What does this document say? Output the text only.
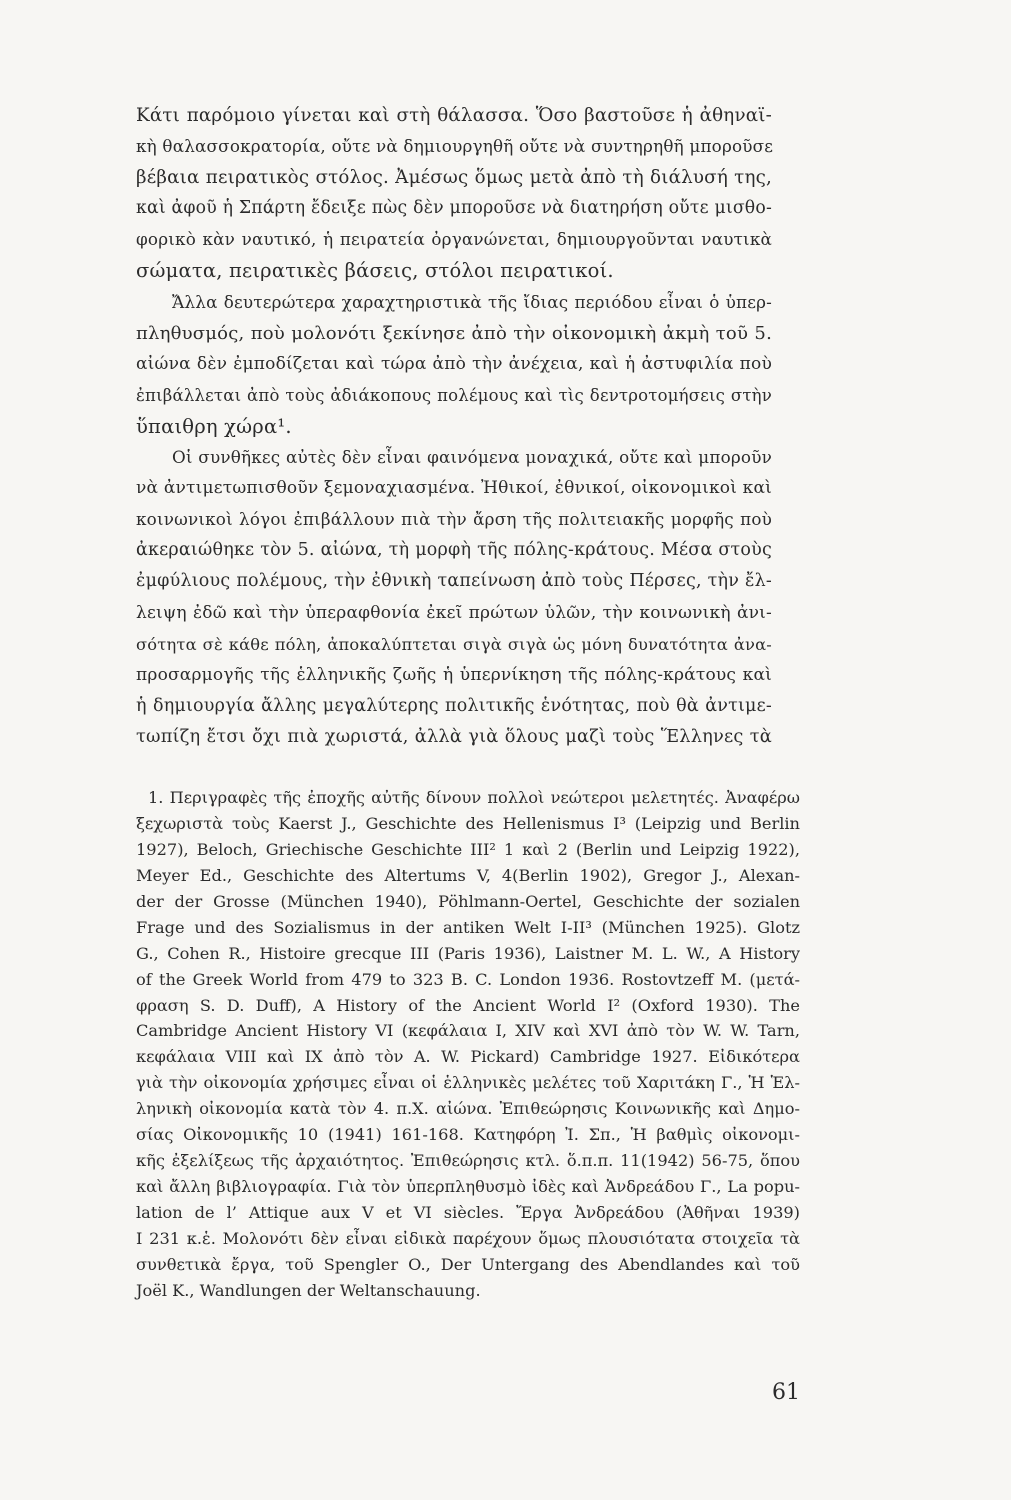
Κάτι παρόμοιο γίνεται καὶ στὴ θάλασσα. Ὅσο βαστοῦσε ἡ ἀθηναϊ-
κὴ θαλασσοκρατορία, οὔτε νὰ δημιουργηθῆ οὔτε νὰ συντηρηθῆ μποροῦσε
βέβαια πειρατικὸς στόλος. Ἀμέσως ὅμως μετὰ ἀπὸ τὴ διάλυσή της,
καὶ ἀφοῦ ἡ Σπάρτη ἔδειξε πὼς δὲν μποροῦσε νὰ διατηρήση οὔτε μισθο-
φορικὸ κὰν ναυτικό, ἡ πειρατεία ὀργανώνεται, δημιουργοῦνται ναυτικὰ
σώματα, πειρατικὲς βάσεις, στόλοι πειρατικοί.
Ἄλλα δευτερώτερα χαραχτηριστικὰ τῆς ἴδιας περιόδου εἶναι ὁ ὑπερ-
πληθυσμός, ποὺ μολονότι ξεκίνησε ἀπὸ τὴν οἰκονομικὴ ἀκμὴ τοῦ 5.
αἰώνα δὲν ἐμποδίζεται καὶ τώρα ἀπὸ τὴν ἀνέχεια, καὶ ἡ ἀστυφιλία ποὺ
ἐπιβάλλεται ἀπὸ τοὺς ἀδιάκοπους πολέμους καὶ τὶς δεντροτομήσεις στὴν
ὕπαιθρη χώρα¹.
Οἱ συνθῆκες αὐτὲς δὲν εἶναι φαινόμενα μοναχικά, οὔτε καὶ μποροῦν
νὰ ἀντιμετωπισθοῦν ξεμοναχιασμένα. Ἠθικοί, ἐθνικοί, οἰκονομικοὶ καὶ
κοινωνικοὶ λόγοι ἐπιβάλλουν πιὰ τὴν ἄρση τῆς πολιτειακῆς μορφῆς ποὺ
ἀκεραιώθηκε τὸν 5. αἰώνα, τὴ μορφὴ τῆς πόλης-κράτους. Μέσα στοὺς
ἐμφύλιους πολέμους, τὴν ἐθνικὴ ταπείνωση ἀπὸ τοὺς Πέρσες, τὴν ἔλ-
λειψη ἐδῶ καὶ τὴν ὑπεραφθονία ἐκεῖ πρώτων ὑλῶν, τὴν κοινωνικὴ ἀνι-
σότητα σὲ κάθε πόλη, ἀποκαλύπτεται σιγὰ σιγὰ ὡς μόνη δυνατότητα ἀνα-
προσαρμογῆς τῆς ἑλληνικῆς ζωῆς ἡ ὑπερνίκηση τῆς πόλης-κράτους καὶ
ἡ δημιουργία ἄλλης μεγαλύτερης πολιτικῆς ἑνότητας, ποὺ θὰ ἀντιμε-
τωπίζη ἔτσι ὄχι πιὰ χωριστά, ἀλλὰ γιὰ ὅλους μαζὶ τοὺς Ἕλληνες τὰ
1. Περιγραφὲς τῆς ἐποχῆς αὐτῆς δίνουν πολλοὶ νεώτεροι μελετητές. Ἀναφέρω
ξεχωριστὰ τοὺς Kaerst J., Geschichte des Hellenismus I³ (Leipzig und Berlin
1927), Beloch, Griechische Geschichte III² 1 καὶ 2 (Berlin und Leipzig 1922),
Meyer Ed., Geschichte des Altertums V, 4(Berlin 1902), Gregor J., Alexan-
der der Grosse (München 1940), Pöhlmann-Oertel, Geschichte der sozialen
Frage und des Sozialismus in der antiken Welt I-II³ (München 1925). Glotz
G., Cohen R., Histoire grecque III (Paris 1936), Laistner M. L. W., A History
of the Greek World from 479 to 323 B. C. London 1936. Rostovtzeff M. (μετά-
φραση S. D. Duff), A History of the Ancient World I² (Oxford 1930). The
Cambridge Ancient History VI (κεφάλαια I, XIV καὶ XVI ἀπὸ τὸν W. W. Tarn,
κεφάλαια VIII καὶ IX ἀπὸ τὸν A. W. Pickard) Cambridge 1927. Εἰδικότερα
γιὰ τὴν οἰκονομία χρήσιμες εἶναι οἱ ἑλληνικὲς μελέτες τοῦ Χαριτάκη Γ., Ἡ Ἑλ-
ληνικὴ οἰκονομία κατὰ τὸν 4. π.Χ. αἰώνα. Ἐπιθεώρησις Κοινωνικῆς καὶ Δημο-
σίας Οἰκονομικῆς 10 (1941) 161-168. Κατηφόρη Ἰ. Σπ., Ἡ βαθμὶς οἰκονομι-
κῆς ἐξελίξεως τῆς ἀρχαιότητος. Ἐπιθεώρησις κτλ. ὅ.π.π. 11(1942) 56-75, ὅπου
καὶ ἄλλη βιβλιογραφία. Γιὰ τὸν ὑπερπληθυσμὸ ἰδὲς καὶ Ἀνδρεάδου Γ., La popu-
lation de l’ Attique aux V et VI siècles. Ἔργα Ἀνδρεάδου (Ἀθῆναι 1939)
I 231 κ.ἑ. Μολονότι δὲν εἶναι εἰδικὰ παρέχουν ὅμως πλουσιότατα στοιχεῖα τὰ
συνθετικὰ ἔργα, τοῦ Spengler O., Der Untergang des Abendlandes καὶ τοῦ
Joël K., Wandlungen der Weltanschauung.
61
